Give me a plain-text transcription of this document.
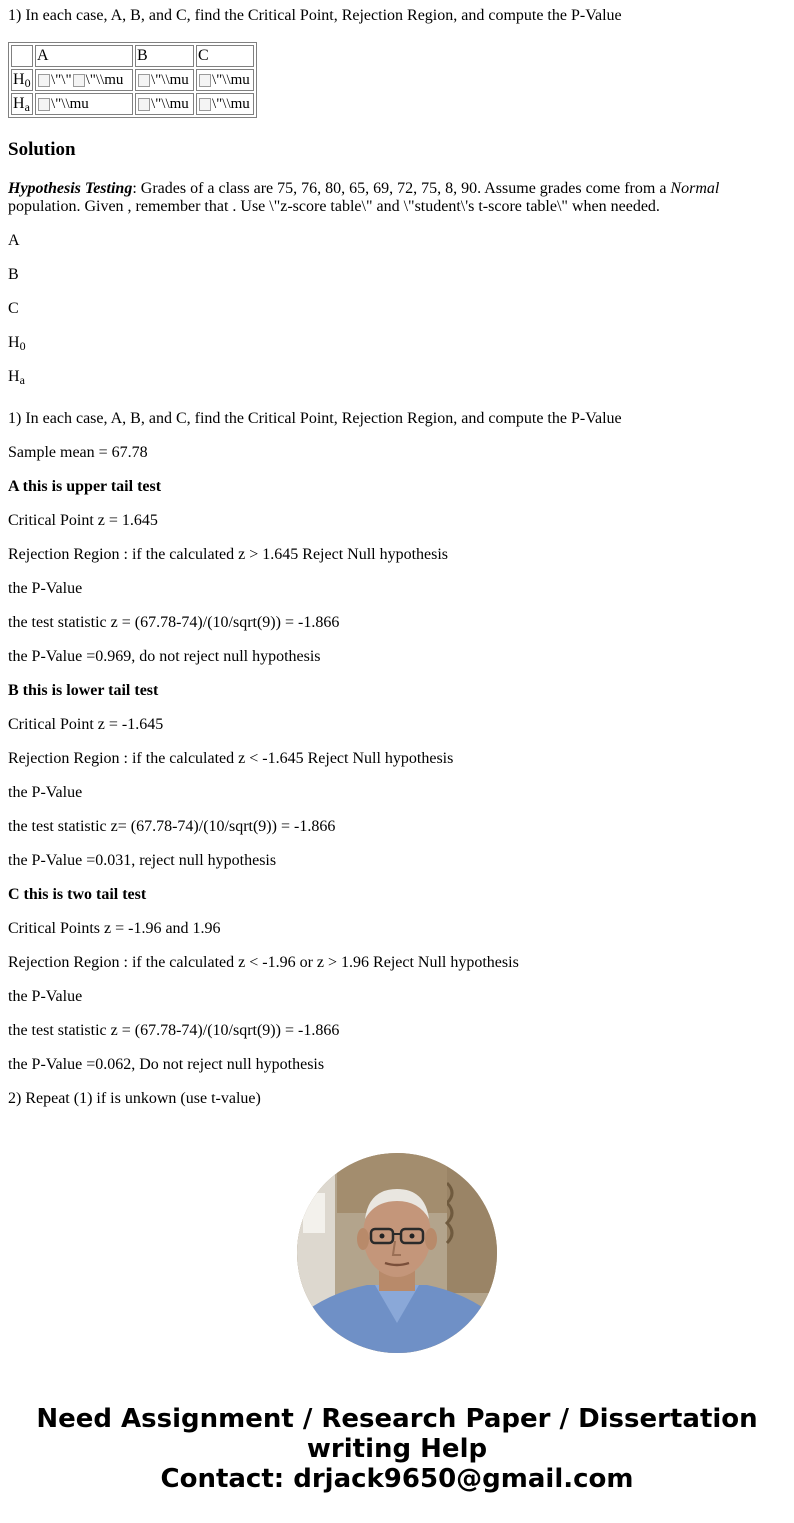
1) In each case, A, B, and C, find the Critical Point, Rejection Region, and compute the P-Value

	A	B	C
$H_0$	\"\" \"\\mu	\"\\mu	\"\\mu
$H_a$	\"\\mu	\"\\mu	\"\\mu
Solution

Hypothesis Testing: Grades of a class are 75, 76, 80, 65, 69, 72, 75, 8, 90. Assume grades come from a Normal
population. Given , remember that . Use \"z-score table\" and \"student\'s t-score table\" when needed.

A

B

C

$H_0$

$H_a$

1) In each case, A, B, and C, find the Critical Point, Rejection Region, and compute the P-Value

Sample mean = 67.78

A this is upper tail test

Critical Point z = 1.645

Rejection Region : if the calculated z > 1.645 Reject Null hypothesis

the P-Value

the test statistic z = (67.78-74)/(10/sqrt(9)) = -1.866

the P-Value =0.969, do not reject null hypothesis

B this is lower tail test

Critical Point z = -1.645

Rejection Region : if the calculated z < -1.645 Reject Null hypothesis

the P-Value

the test statistic z= (67.78-74)/(10/sqrt(9)) = -1.866

the P-Value =0.031, reject null hypothesis

C this is two tail test

Critical Points z = -1.96 and 1.96

Rejection Region : if the calculated z < -1.96 or z > 1.96 Reject Null hypothesis

the P-Value

the test statistic z = (67.78-74)/(10/sqrt(9)) = -1.866

the P-Value =0.062, Do not reject null hypothesis

2) Repeat (1) if is unkown (use t-value)

Need Assignment / Research Paper / Dissertation
writing Help
Contact: drjack9650@gmail.com
